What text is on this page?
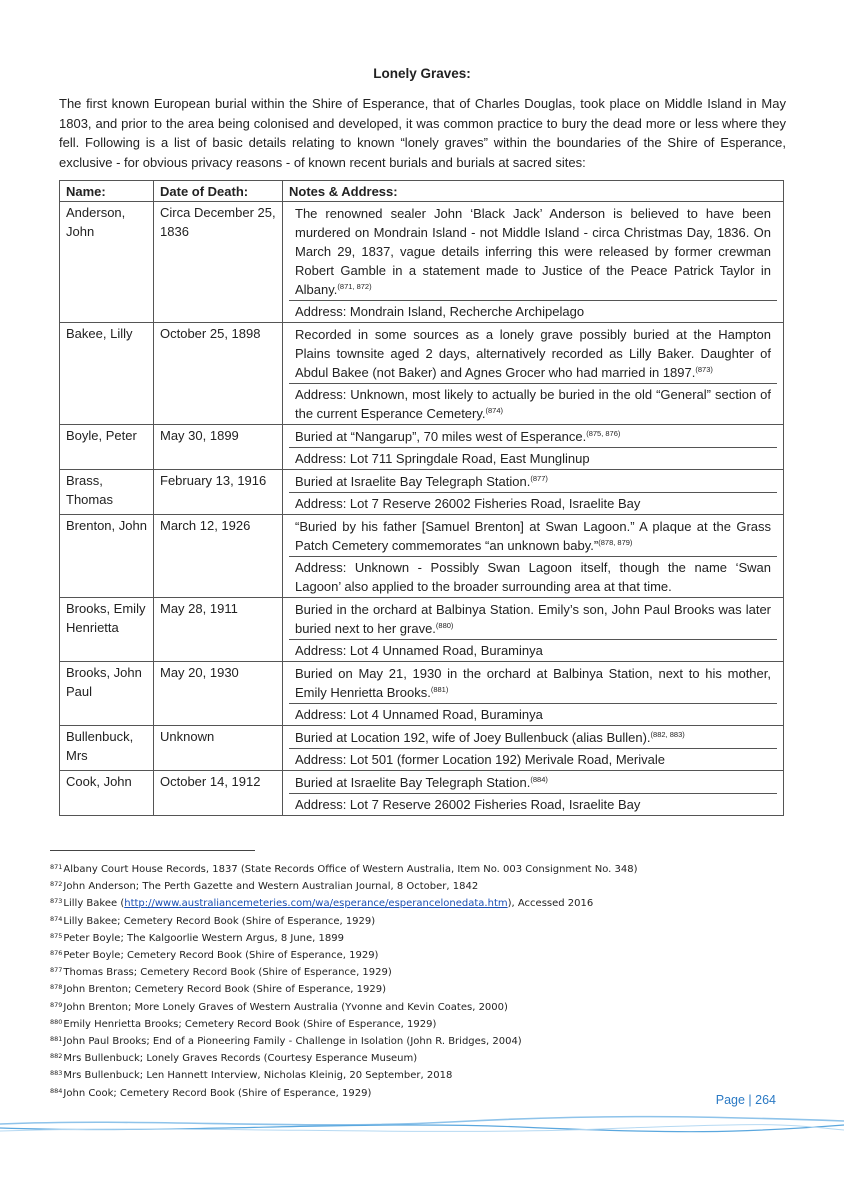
Lonely Graves:
The first known European burial within the Shire of Esperance, that of Charles Douglas, took place on Middle Island in May 1803, and prior to the area being colonised and developed, it was common practice to bury the dead more or less where they fell. Following is a list of basic details relating to known “lonely graves” within the boundaries of the Shire of Esperance, exclusive - for obvious privacy reasons - of known recent burials and burials at sacred sites:
Name:	Date of Death:	Notes & Address:
Anderson, John	Circa December 25, 1836	The renowned sealer John ‘Black Jack’ Anderson is believed to have been murdered on Mondrain Island - not Middle Island - circa Christmas Day, 1836. On March 29, 1837, vague details inferring this were released by former crewman Robert Gamble in a statement made to Justice of the Peace Patrick Taylor in Albany.$^{(871, 872)}$
Address: Mondrain Island, Recherche Archipelago

Bakee, Lilly	October 25, 1898	Recorded in some sources as a lonely grave possibly buried at the Hampton Plains townsite aged 2 days, alternatively recorded as Lilly Baker. Daughter of Abdul Bakee (not Baker) and Agnes Grocer who had married in 1897.$^{(873)}$
Address: Unknown, most likely to actually be buried in the old “General” section of the current Esperance Cemetery.$^{(874)}$

Boyle, Peter	May 30, 1899	Buried at “Nangarup”, 70 miles west of Esperance.$^{(875, 876)}$
Address: Lot 711 Springdale Road, East Munglinup

Brass, Thomas	February 13, 1916	Buried at Israelite Bay Telegraph Station.$^{(877)}$
Address: Lot 7 Reserve 26002 Fisheries Road, Israelite Bay

Brenton, John	March 12, 1926	“Buried by his father [Samuel Brenton] at Swan Lagoon.” A plaque at the Grass Patch Cemetery commemorates “an unknown baby.”$^{(878, 879)}$
Address: Unknown - Possibly Swan Lagoon itself, though the name ‘Swan Lagoon’ also applied to the broader surrounding area at that time.

Brooks, Emily Henrietta	May 28, 1911	Buried in the orchard at Balbinya Station. Emily’s son, John Paul Brooks was later buried next to her grave.$^{(880)}$
Address: Lot 4 Unnamed Road, Buraminya

Brooks, John Paul	May 20, 1930	Buried on May 21, 1930 in the orchard at Balbinya Station, next to his mother, Emily Henrietta Brooks.$^{(881)}$
Address: Lot 4 Unnamed Road, Buraminya

Bullenbuck, Mrs	Unknown	Buried at Location 192, wife of Joey Bullenbuck (alias Bullen).$^{(882, 883)}$
Address: Lot 501 (former Location 192) Merivale Road, Merivale

Cook, John	October 14, 1912	Buried at Israelite Bay Telegraph Station.$^{(884)}$
Address: Lot 7 Reserve 26002 Fisheries Road, Israelite Bay
$^{871}$Albany Court House Records, 1837 (State Records Office of Western Australia, Item No. 003 Consignment No. 348)
$^{872}$John Anderson; The Perth Gazette and Western Australian Journal, 8 October, 1842
$^{873}$Lilly Bakee (http://www.australiancemeteries.com/wa/esperance/esperancelonedata.htm), Accessed 2016
$^{874}$Lilly Bakee; Cemetery Record Book (Shire of Esperance, 1929)
$^{875}$Peter Boyle; The Kalgoorlie Western Argus, 8 June, 1899
$^{876}$Peter Boyle; Cemetery Record Book (Shire of Esperance, 1929)
$^{877}$Thomas Brass; Cemetery Record Book (Shire of Esperance, 1929)
$^{878}$John Brenton; Cemetery Record Book (Shire of Esperance, 1929)
$^{879}$John Brenton; More Lonely Graves of Western Australia (Yvonne and Kevin Coates, 2000)
$^{880}$Emily Henrietta Brooks; Cemetery Record Book (Shire of Esperance, 1929)
$^{881}$John Paul Brooks; End of a Pioneering Family - Challenge in Isolation (John R. Bridges, 2004)
$^{882}$Mrs Bullenbuck; Lonely Graves Records (Courtesy Esperance Museum)
$^{883}$Mrs Bullenbuck; Len Hannett Interview, Nicholas Kleinig, 20 September, 2018
$^{884}$John Cook; Cemetery Record Book (Shire of Esperance, 1929)	Page | 264
